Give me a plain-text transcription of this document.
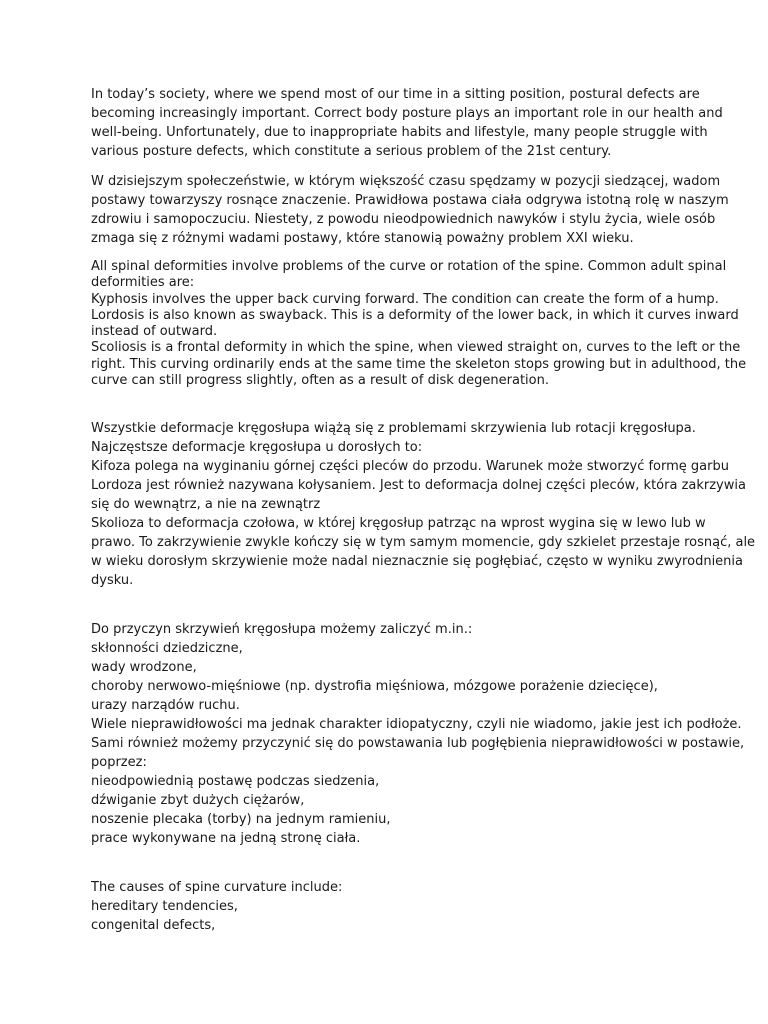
In today’s society, where we spend most of our time in a sitting position, postural defects are
becoming increasingly important. Correct body posture plays an important role in our health and
well-being. Unfortunately, due to inappropriate habits and lifestyle, many people struggle with
various posture defects, which constitute a serious problem of the 21st century.

W dzisiejszym społeczeństwie, w którym większość czasu spędzamy w pozycji siedzącej, wadom
postawy towarzyszy rosnące znaczenie. Prawidłowa postawa ciała odgrywa istotną rolę w naszym
zdrowiu i samopoczuciu. Niestety, z powodu nieodpowiednich nawyków i stylu życia, wiele osób
zmaga się z różnymi wadami postawy, które stanowią poważny problem XXI wieku.

All spinal deformities involve problems of the curve or rotation of the spine. Common adult spinal
deformities are:
Kyphosis involves the upper back curving forward. The condition can create the form of a hump.
Lordosis is also known as swayback. This is a deformity of the lower back, in which it curves inward
instead of outward.
Scoliosis is a frontal deformity in which the spine, when viewed straight on, curves to the left or the
right. This curving ordinarily ends at the same time the skeleton stops growing but in adulthood, the
curve can still progress slightly, often as a result of disk degeneration.

Wszystkie deformacje kręgosłupa wiążą się z problemami skrzywienia lub rotacji kręgosłupa.
Najczęstsze deformacje kręgosłupa u dorosłych to:
Kifoza polega na wyginaniu górnej części pleców do przodu. Warunek może stworzyć formę garbu
Lordoza jest również nazywana kołysaniem. Jest to deformacja dolnej części pleców, która zakrzywia
się do wewnątrz, a nie na zewnątrz
Skolioza to deformacja czołowa, w której kręgosłup patrząc na wprost wygina się w lewo lub w
prawo. To zakrzywienie zwykle kończy się w tym samym momencie, gdy szkielet przestaje rosnąć, ale
w wieku dorosłym skrzywienie może nadal nieznacznie się pogłębiać, często w wyniku zwyrodnienia
dysku.

Do przyczyn skrzywień kręgosłupa możemy zaliczyć m.in.:
skłonności dziedziczne,
wady wrodzone,
choroby nerwowo-mięśniowe (np. dystrofia mięśniowa, mózgowe porażenie dziecięce),
urazy narządów ruchu.
Wiele nieprawidłowości ma jednak charakter idiopatyczny, czyli nie wiadomo, jakie jest ich podłoże.
Sami również możemy przyczynić się do powstawania lub pogłębienia nieprawidłowości w postawie,
poprzez:
nieodpowiednią postawę podczas siedzenia,
dźwiganie zbyt dużych ciężarów,
noszenie plecaka (torby) na jednym ramieniu,
prace wykonywane na jedną stronę ciała.

The causes of spine curvature include:
hereditary tendencies,
congenital defects,
